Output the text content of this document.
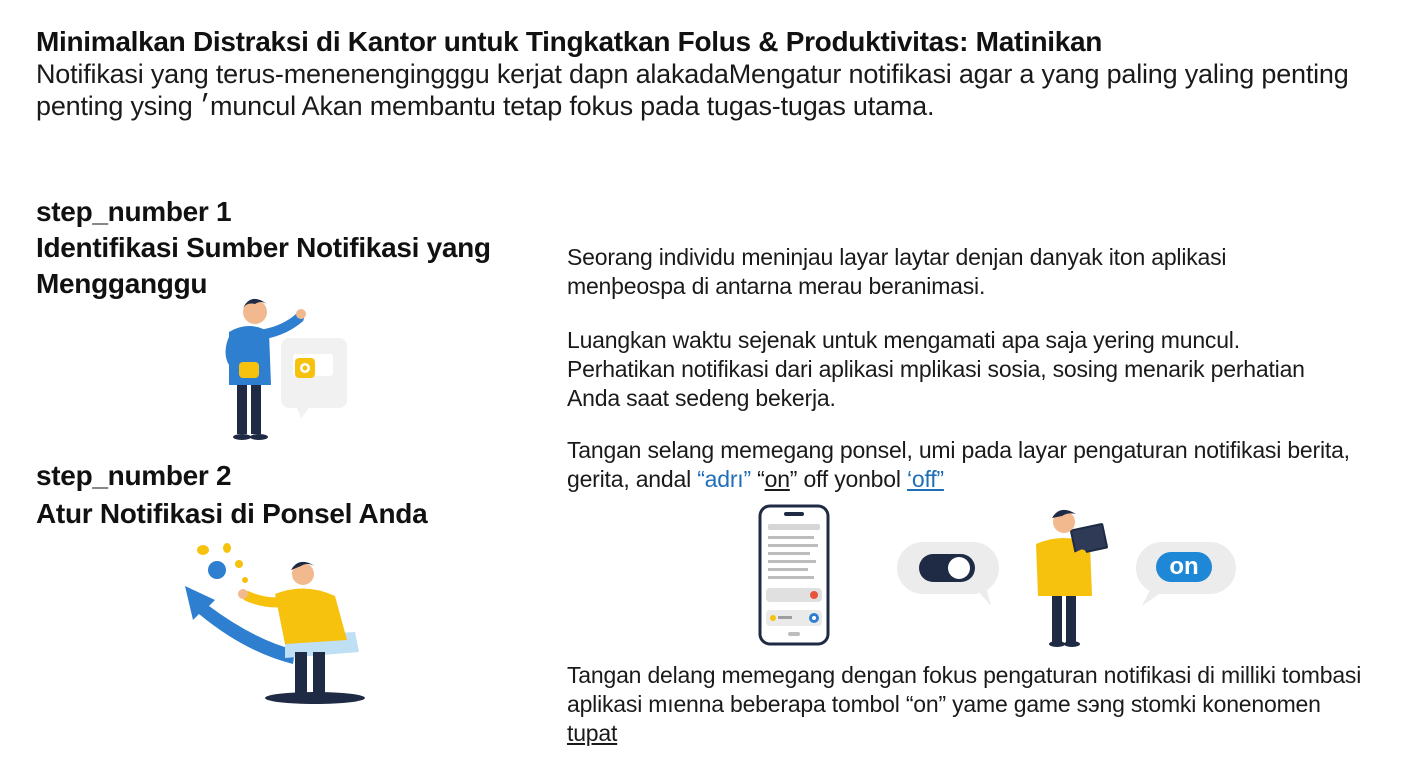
Minimalkan Distraksi di Kantor untuk Tingkatkan Folus & Produktivitas: Matinikan
Notifikasi yang terus-menenengingggu kerjat dapn alakadaMengatur notifikasi agar a yang paling yaling penting penting ysing ׳muncul Akan membantu tetap fokus pada tugas-tugas utama.
step_number 1
Identifikasi Sumber Notifikasi yang Mengganggu
step_number 2
Atur Notifikasi di Ponsel Anda
Seorang individu meninjau layar laytar denjan danyak iton aplikasi menþeospa di antarna merau beranimasi.
Luangkan waktu sejenak untuk mengamati apa saja yering muncul. Perhatikan notifikasi dari aplikasi mplikasi sosia, sosing menarik perhatian Anda saat sedeng bekerja.
Tangan selang memegang ponsel, umi pada layar pengaturan notifikasi berita, gerita, andal “adrı” “on” off yonbol ‘off”
Tangan delang memegang dengan fokus pengaturan notifikasi di milliki tombasi aplikasi mıenna beberapa tombol “on” yame game sэng stomki konenomen tupat
on
